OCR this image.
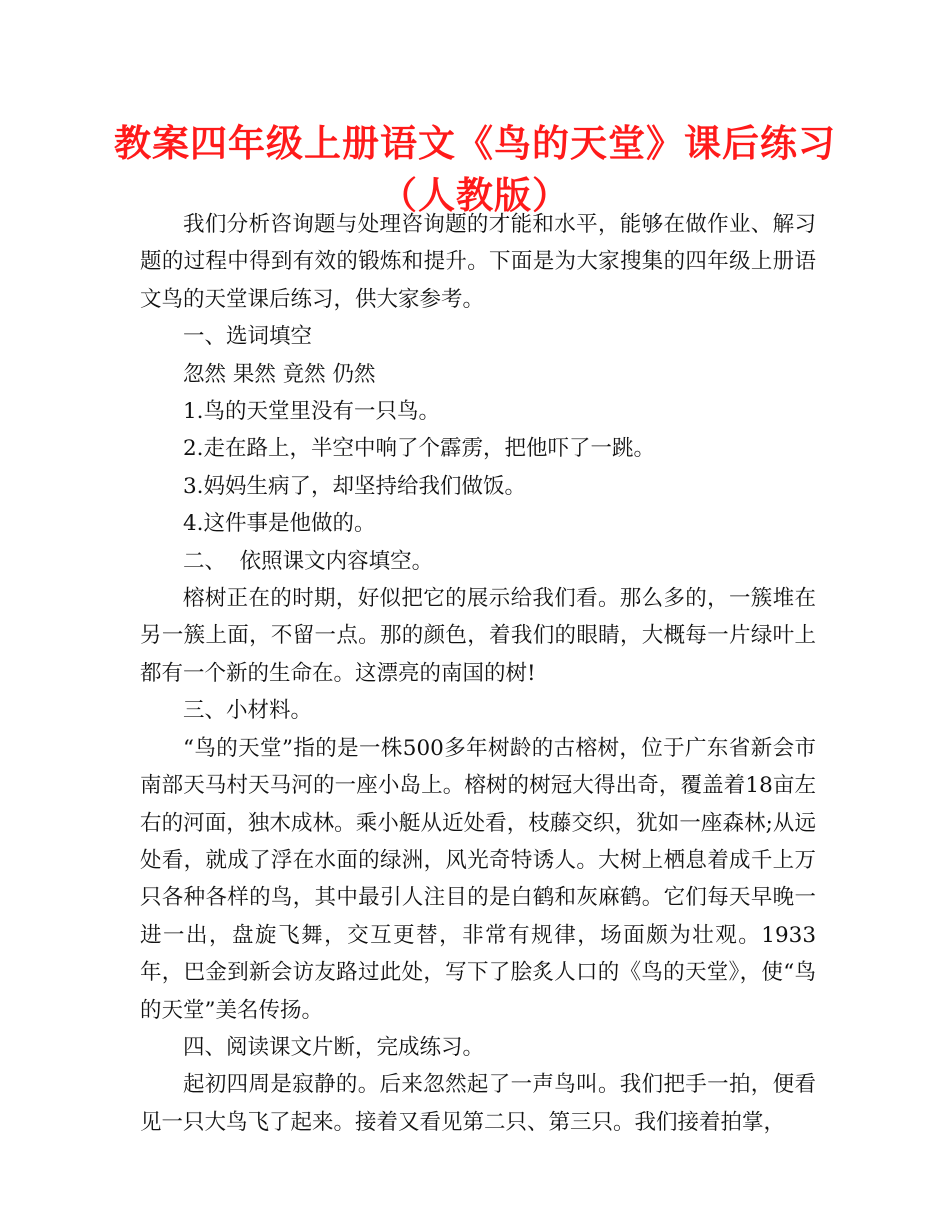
教案四年级上册语文《鸟的天堂》课后练习（人教版）

我们分析咨询题与处理咨询题的才能和水平，能够在做作业、解习题的过程中得到有效的锻炼和提升。下面是为大家搜集的四年级上册语文鸟的天堂课后练习，供大家参考。

一、选词填空

忽然 果然 竟然 仍然

1.鸟的天堂里没有一只鸟。

2.走在路上，半空中响了个霹雳，把他吓了一跳。

3.妈妈生病了，却坚持给我们做饭。

4.这件事是他做的。

二、  依照课文内容填空。

榕树正在的时期，好似把它的展示给我们看。那么多的，一簇堆在另一簇上面，不留一点。那的颜色，着我们的眼睛，大概每一片绿叶上都有一个新的生命在。这漂亮的南国的树!

三、小材料。

“鸟的天堂”指的是一株500多年树龄的古榕树，位于广东省新会市南部天马村天马河的一座小岛上。榕树的树冠大得出奇，覆盖着18亩左右的河面，独木成林。乘小艇从近处看，枝藤交织，犹如一座森林;从远处看，就成了浮在水面的绿洲，风光奇特诱人。大树上栖息着成千上万只各种各样的鸟，其中最引人注目的是白鹤和灰麻鹤。它们每天早晚一进一出，盘旋飞舞，交互更替，非常有规律，场面颇为壮观。1933年，巴金到新会访友路过此处，写下了脍炙人口的《鸟的天堂》，使“鸟的天堂”美名传扬。

四、阅读课文片断，完成练习。

起初四周是寂静的。后来忽然起了一声鸟叫。我们把手一拍，便看见一只大鸟飞了起来。接着又看见第二只、第三只。我们接着拍掌，
